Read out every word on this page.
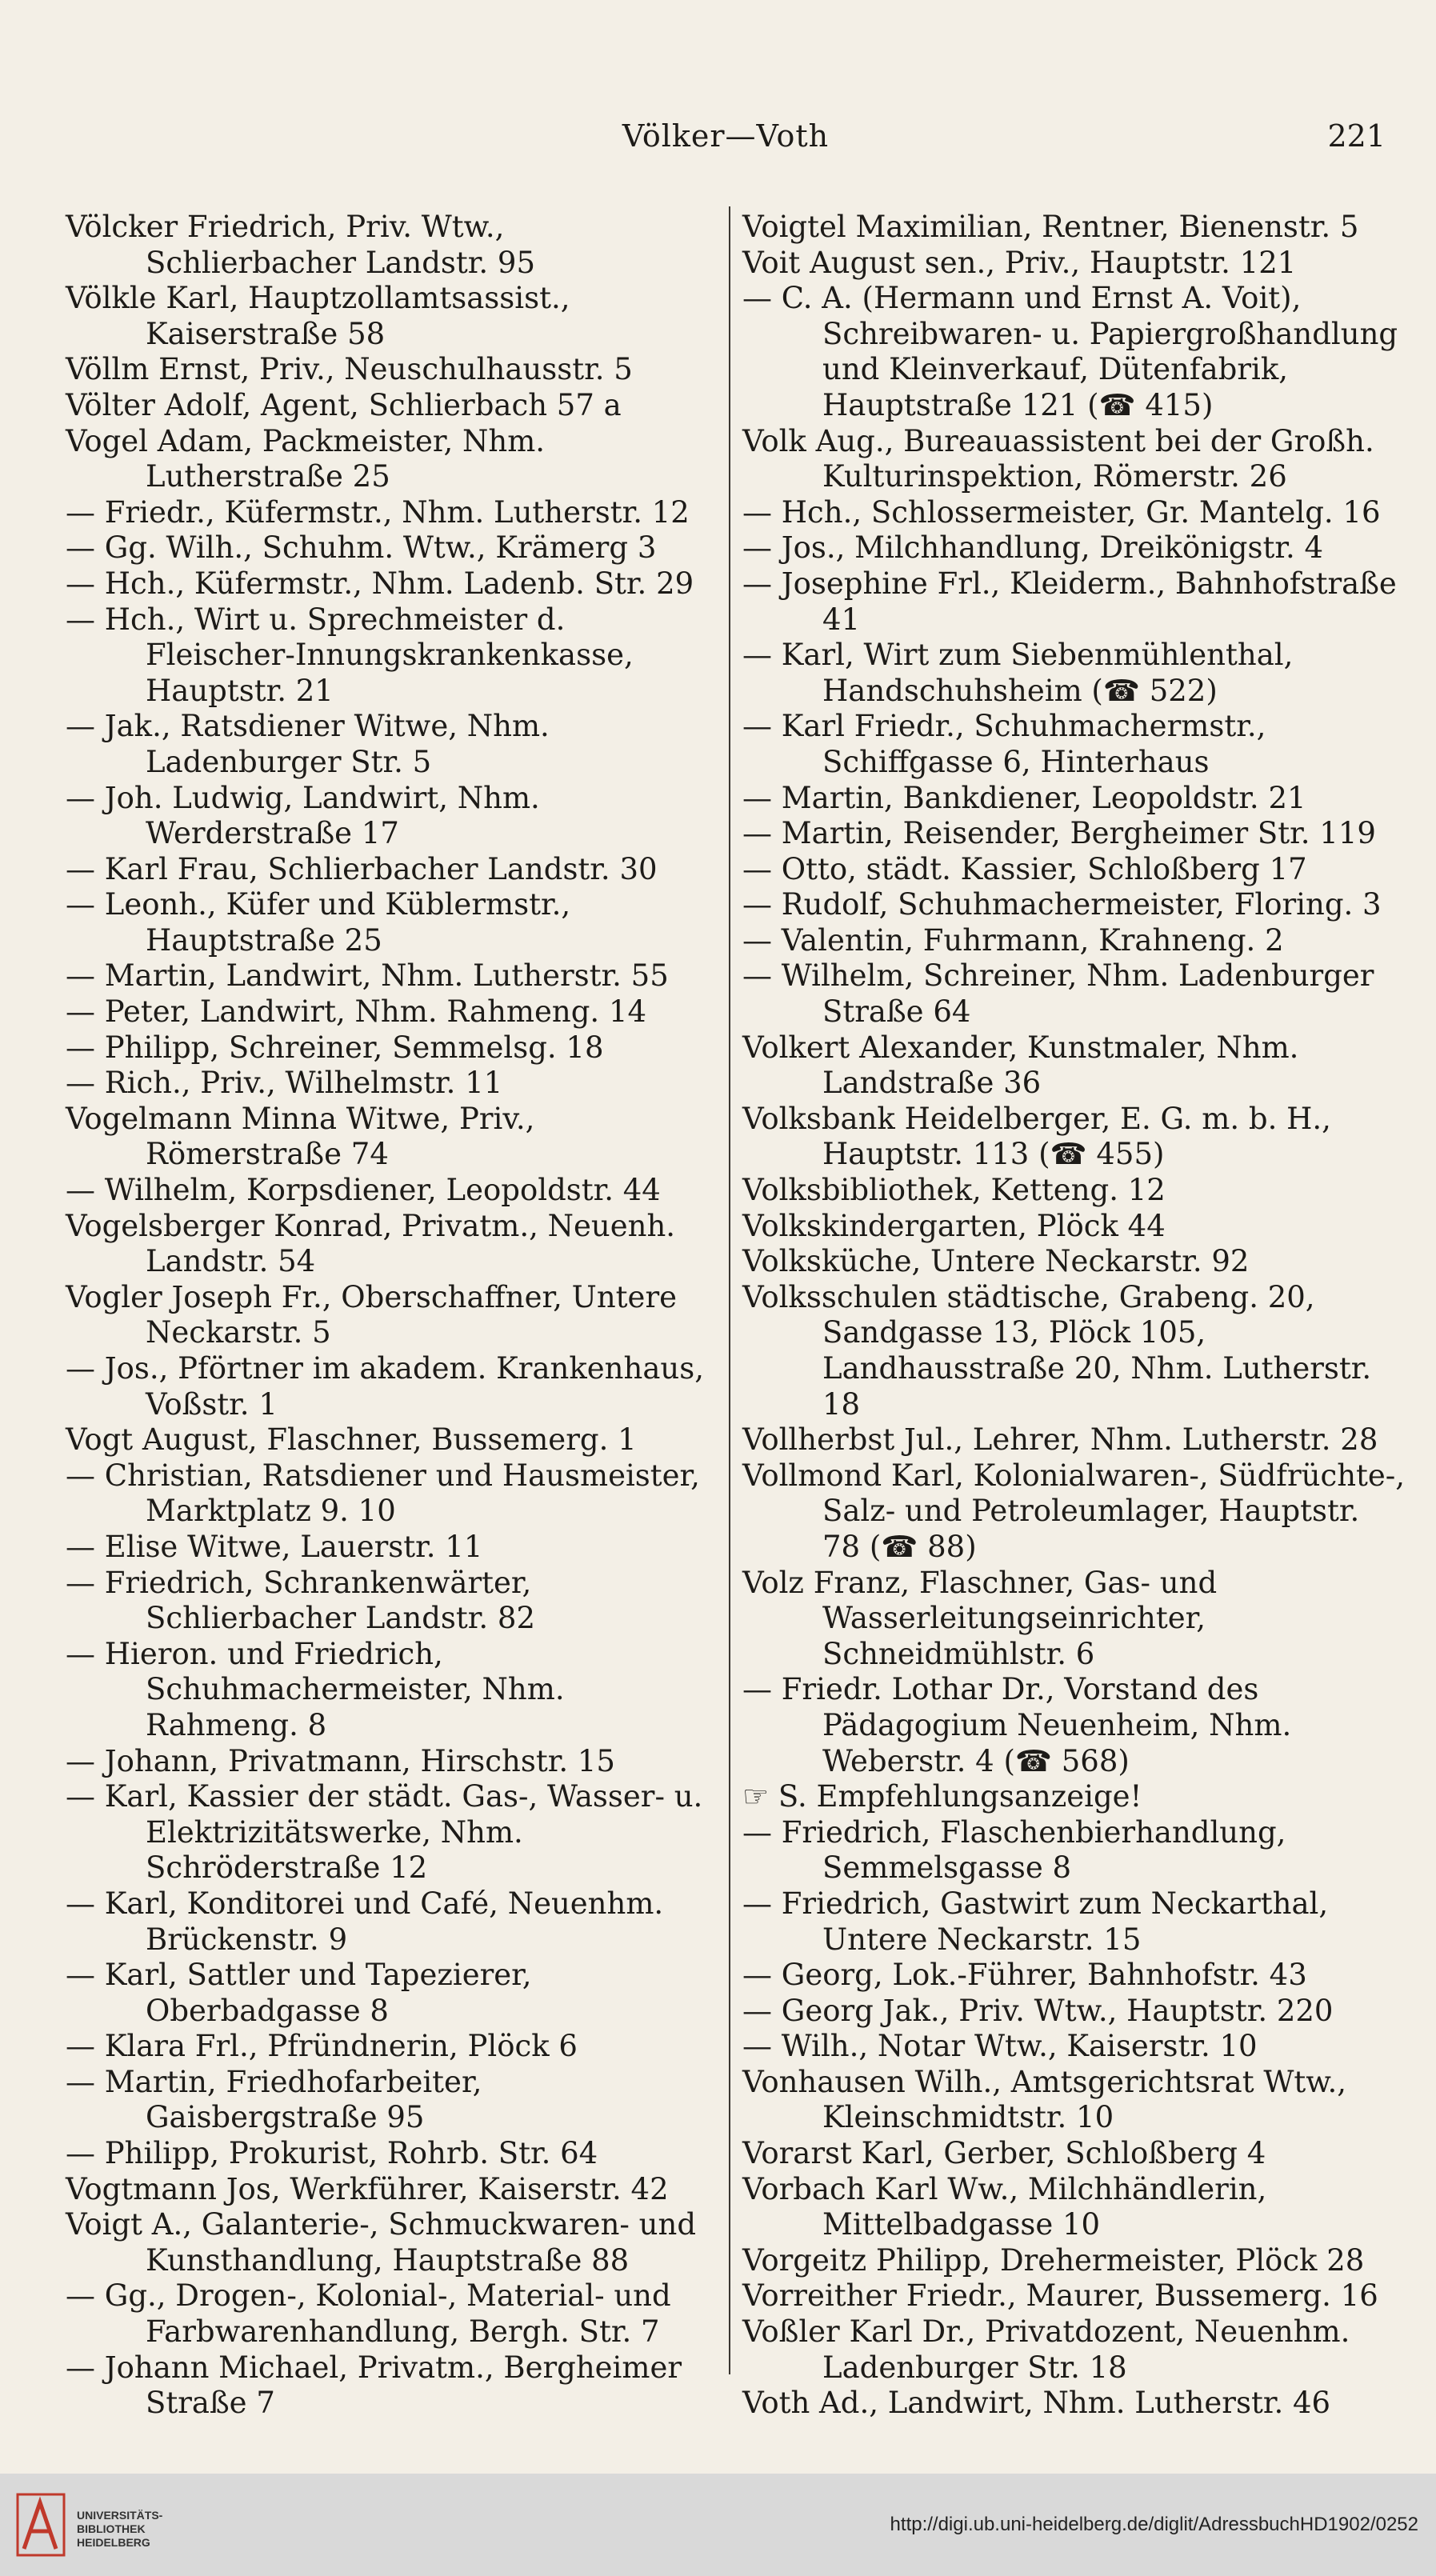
Völker—Voth	221
Völcker Friedrich, Priv. Wtw., Schlierbacher Landstr. 95
Völkle Karl, Hauptzollamtsassist., Kaiserstraße 58
Völlm Ernst, Priv., Neuschulhausstr. 5
Völter Adolf, Agent, Schlierbach 57 a
Vogel Adam, Packmeister, Nhm. Lutherstraße 25
— Friedr., Küfermstr., Nhm. Lutherstr. 12
— Gg. Wilh., Schuhm. Wtw., Krämerg 3
— Hch., Küfermstr., Nhm. Ladenb. Str. 29
— Hch., Wirt u. Sprechmeister d. Fleischer-Innungskrankenkasse, Hauptstr. 21
— Jak., Ratsdiener Witwe, Nhm. Ladenburger Str. 5
— Joh. Ludwig, Landwirt, Nhm. Werderstraße 17
— Karl Frau, Schlierbacher Landstr. 30
— Leonh., Küfer und Küblermstr., Hauptstraße 25
— Martin, Landwirt, Nhm. Lutherstr. 55
— Peter, Landwirt, Nhm. Rahmeng. 14
— Philipp, Schreiner, Semmelsg. 18
— Rich., Priv., Wilhelmstr. 11
Vogelmann Minna Witwe, Priv., Römerstraße 74
— Wilhelm, Korpsdiener, Leopoldstr. 44
Vogelsberger Konrad, Privatm., Neuenh. Landstr. 54
Vogler Joseph Fr., Oberschaffner, Untere Neckarstr. 5
— Jos., Pförtner im akadem. Krankenhaus, Voßstr. 1
Vogt August, Flaschner, Bussemerg. 1
— Christian, Ratsdiener und Hausmeister, Marktplatz 9. 10
— Elise Witwe, Lauerstr. 11
— Friedrich, Schrankenwärter, Schlierbacher Landstr. 82
— Hieron. und Friedrich, Schuhmachermeister, Nhm. Rahmeng. 8
— Johann, Privatmann, Hirschstr. 15
— Karl, Kassier der städt. Gas-, Wasser- u. Elektrizitätswerke, Nhm. Schröderstraße 12
— Karl, Konditorei und Café, Neuenhm. Brückenstr. 9
— Karl, Sattler und Tapezierer, Oberbadgasse 8
— Klara Frl., Pfründnerin, Plöck 6
— Martin, Friedhofarbeiter, Gaisbergstraße 95
— Philipp, Prokurist, Rohrb. Str. 64
Vogtmann Jos, Werkführer, Kaiserstr. 42
Voigt A., Galanterie-, Schmuckwaren- und Kunsthandlung, Hauptstraße 88
— Gg., Drogen-, Kolonial-, Material- und Farbwarenhandlung, Bergh. Str. 7
— Johann Michael, Privatm., Bergheimer Straße 7
Voigtel Maximilian, Rentner, Bienenstr. 5
Voit August sen., Priv., Hauptstr. 121
— C. A. (Hermann und Ernst A. Voit), Schreibwaren- u. Papiergroßhandlung und Kleinverkauf, Dütenfabrik, Hauptstraße 121 (☎ 415)
Volk Aug., Bureauassistent bei der Großh. Kulturinspektion, Römerstr. 26
— Hch., Schlossermeister, Gr. Mantelg. 16
— Jos., Milchhandlung, Dreikönigstr. 4
— Josephine Frl., Kleiderm., Bahnhofstraße 41
— Karl, Wirt zum Siebenmühlenthal, Handschuhsheim (☎ 522)
— Karl Friedr., Schuhmachermstr., Schiffgasse 6, Hinterhaus
— Martin, Bankdiener, Leopoldstr. 21
— Martin, Reisender, Bergheimer Str. 119
— Otto, städt. Kassier, Schloßberg 17
— Rudolf, Schuhmachermeister, Floring. 3
— Valentin, Fuhrmann, Krahneng. 2
— Wilhelm, Schreiner, Nhm. Ladenburger Straße 64
Volkert Alexander, Kunstmaler, Nhm. Landstraße 36
Volksbank Heidelberger, E. G. m. b. H., Hauptstr. 113 (☎ 455)
Volksbibliothek, Ketteng. 12
Volkskindergarten, Plöck 44
Volksküche, Untere Neckarstr. 92
Volksschulen städtische, Grabeng. 20, Sandgasse 13, Plöck 105, Landhausstraße 20, Nhm. Lutherstr. 18
Vollherbst Jul., Lehrer, Nhm. Lutherstr. 28
Vollmond Karl, Kolonialwaren-, Südfrüchte-, Salz- und Petroleumlager, Hauptstr. 78 (☎ 88)
Volz Franz, Flaschner, Gas- und Wasserleitungseinrichter, Schneidmühlstr. 6
— Friedr. Lothar Dr., Vorstand des Pädagogium Neuenheim, Nhm. Weberstr. 4 (☎ 568)
☞ S. Empfehlungsanzeige!
— Friedrich, Flaschenbierhandlung, Semmelsgasse 8
— Friedrich, Gastwirt zum Neckarthal, Untere Neckarstr. 15
— Georg, Lok.-Führer, Bahnhofstr. 43
— Georg Jak., Priv. Wtw., Hauptstr. 220
— Wilh., Notar Wtw., Kaiserstr. 10
Vonhausen Wilh., Amtsgerichtsrat Wtw., Kleinschmidtstr. 10
Vorarst Karl, Gerber, Schloßberg 4
Vorbach Karl Ww., Milchhändlerin, Mittelbadgasse 10
Vorgeitz Philipp, Drehermeister, Plöck 28
Vorreither Friedr., Maurer, Bussemerg. 16
Voßler Karl Dr., Privatdozent, Neuenhm. Ladenburger Str. 18
Voth Ad., Landwirt, Nhm. Lutherstr. 46
UNIVERSITÄTS-
BIBLIOTHEK
HEIDELBERG
http://digi.ub.uni-heidelberg.de/diglit/AdressbuchHD1902/0252
